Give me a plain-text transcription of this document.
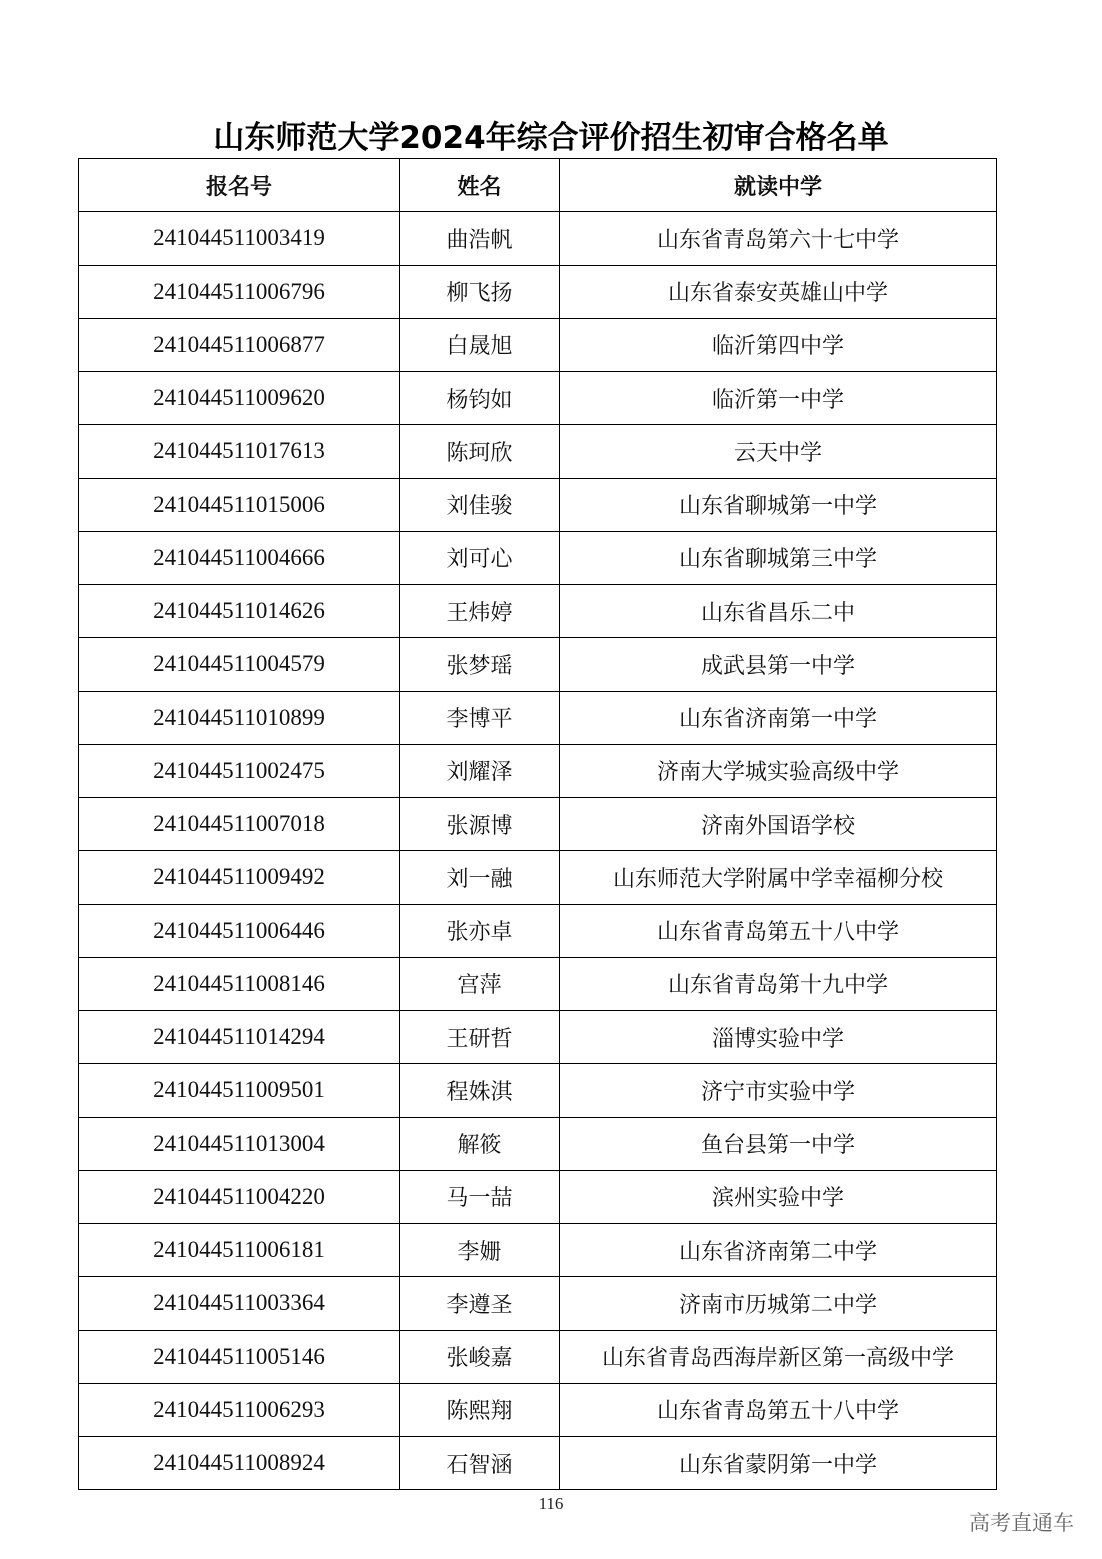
山东师范大学2024年综合评价招生初审合格名单
报名号	姓名	就读中学
241044511003419	曲浩帆	山东省青岛第六十七中学
241044511006796	柳飞扬	山东省泰安英雄山中学
241044511006877	白晟旭	临沂第四中学
241044511009620	杨钧如	临沂第一中学
241044511017613	陈珂欣	云天中学
241044511015006	刘佳骏	山东省聊城第一中学
241044511004666	刘可心	山东省聊城第三中学
241044511014626	王炜婷	山东省昌乐二中
241044511004579	张梦瑶	成武县第一中学
241044511010899	李博平	山东省济南第一中学
241044511002475	刘耀泽	济南大学城实验高级中学
241044511007018	张源博	济南外国语学校
241044511009492	刘一融	山东师范大学附属中学幸福柳分校
241044511006446	张亦卓	山东省青岛第五十八中学
241044511008146	宫萍	山东省青岛第十九中学
241044511014294	王研哲	淄博实验中学
241044511009501	程姝淇	济宁市实验中学
241044511013004	解筱	鱼台县第一中学
241044511004220	马一喆	滨州实验中学
241044511006181	李姗	山东省济南第二中学
241044511003364	李遵圣	济南市历城第二中学
241044511005146	张峻嘉	山东省青岛西海岸新区第一高级中学
241044511006293	陈熙翔	山东省青岛第五十八中学
241044511008924	石智涵	山东省蒙阴第一中学
116
高考直通车
